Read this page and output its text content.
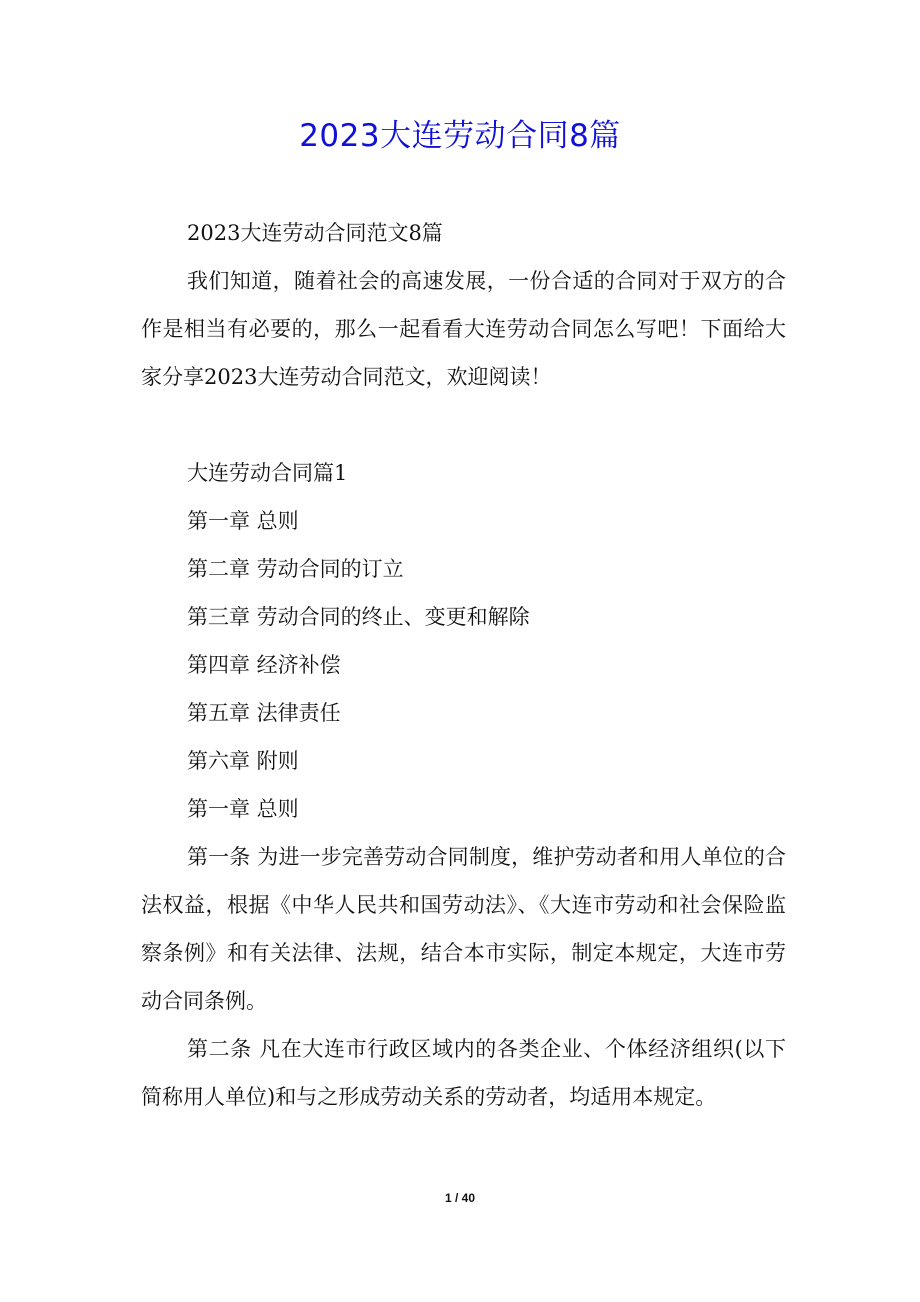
2023大连劳动合同8篇

2023大连劳动合同范文8篇

我们知道，随着社会的高速发展，一份合适的合同对于双方的合作是相当有必要的，那么一起看看大连劳动合同怎么写吧！下面给大家分享2023大连劳动合同范文，欢迎阅读！

大连劳动合同篇1

第一章 总则

第二章 劳动合同的订立

第三章 劳动合同的终止、变更和解除

第四章 经济补偿

第五章 法律责任

第六章 附则

第一章 总则

第一条 为进一步完善劳动合同制度，维护劳动者和用人单位的合法权益，根据《中华人民共和国劳动法》、《大连市劳动和社会保险监察条例》和有关法律、法规，结合本市实际，制定本规定，大连市劳动合同条例。

第二条 凡在大连市行政区域内的各类企业、个体经济组织(以下简称用人单位)和与之形成劳动关系的劳动者，均适用本规定。

1 / 40
